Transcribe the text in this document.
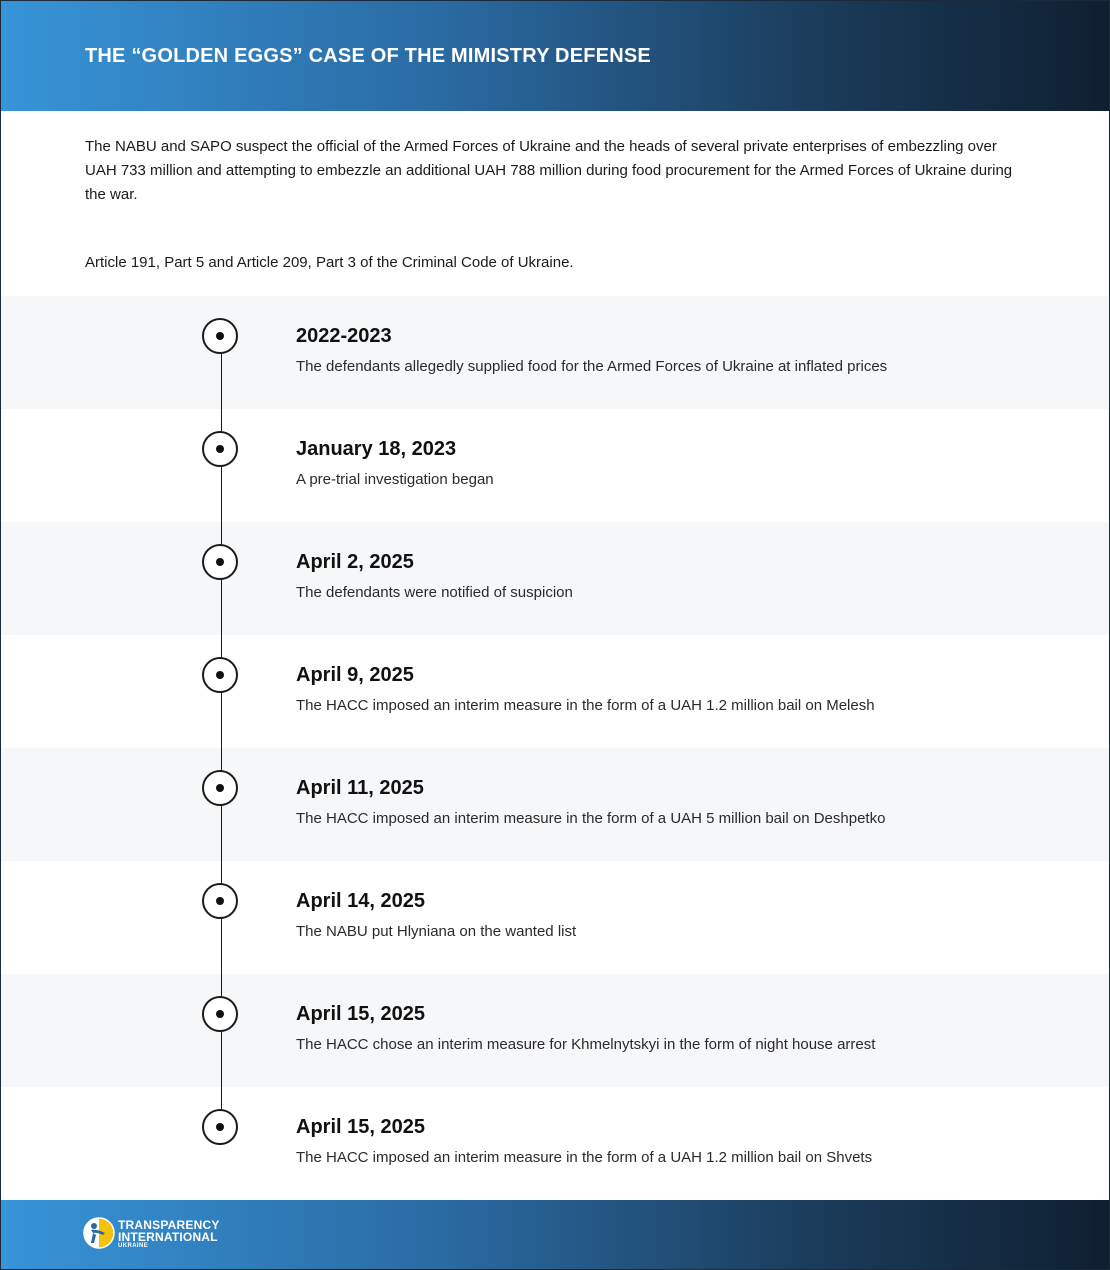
THE “GOLDEN EGGS” CASE OF THE MIMISTRY DEFENSE

The NABU and SAPO suspect the official of the Armed Forces of Ukraine and the heads of several private enterprises of embezzling over UAH 733 million and attempting to embezzle an additional UAH 788 million during food procurement for the Armed Forces of Ukraine during the war.

Article 191, Part 5 and Article 209, Part 3 of the Criminal Code of Ukraine.

2022-2023

The defendants allegedly supplied food for the Armed Forces of Ukraine at inflated prices

January 18, 2023

A pre-trial investigation began

April 2, 2025

The defendants were notified of suspicion

April 9, 2025

The HACC imposed an interim measure in the form of a UAH 1.2 million bail on Melesh

April 11, 2025

The HACC imposed an interim measure in the form of a UAH 5 million bail on Deshpetko

April 14, 2025

The NABU put Hlyniana on the wanted list

April 15, 2025

The HACC chose an interim measure for Khmelnytskyi in the form of night house arrest

April 15, 2025

The HACC imposed an interim measure in the form of a UAH 1.2 million bail on Shvets

TRANSPARENCY
INTERNATIONAL
UKRAINE
